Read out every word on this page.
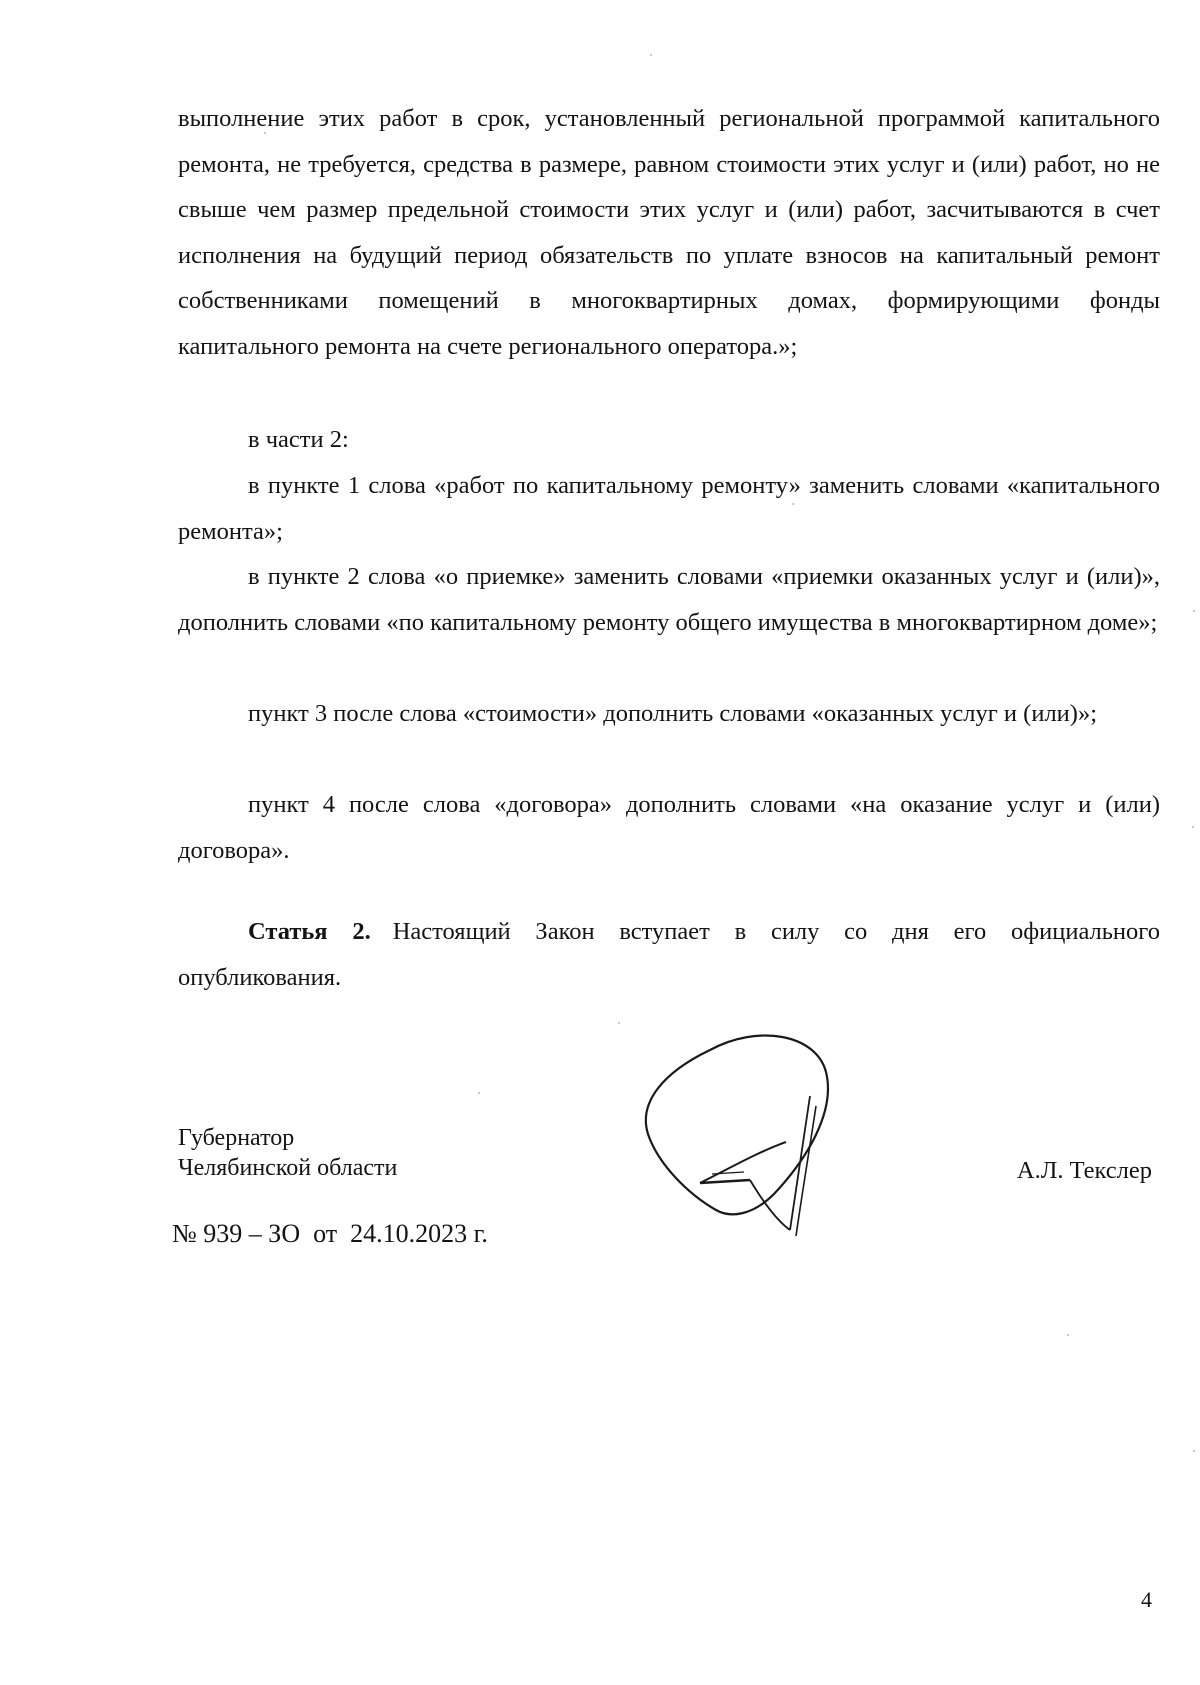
выполнение этих работ в срок, установленный региональной программой капитального ремонта, не требуется, средства в размере, равном стоимости этих услуг и (или) работ, но не свыше чем размер предельной стоимости этих услуг и (или) работ, засчитываются в счет исполнения на будущий период обязательств по уплате взносов на капитальный ремонт собственниками помещений в многоквартирных домах, формирующими фонды капитального ремонта на счете регионального оператора.»;

в части 2:

в пункте 1 слова «работ по капитальному ремонту» заменить словами «капитального ремонта»;

в пункте 2 слова «о приемке» заменить словами «приемки оказанных услуг и (или)», дополнить словами «по капитальному ремонту общего имущества в многоквартирном доме»;

пункт 3 после слова «стоимости» дополнить словами «оказанных услуг и (или)»;

пункт 4 после слова «договора» дополнить словами «на оказание услуг и (или) договора».

Статья 2. Настоящий Закон вступает в силу со дня его официального опубликования.

Губернатор
Челябинской области	А.Л. Текслер

№ 939 – ЗО  от  24.10.2023 г.

4
